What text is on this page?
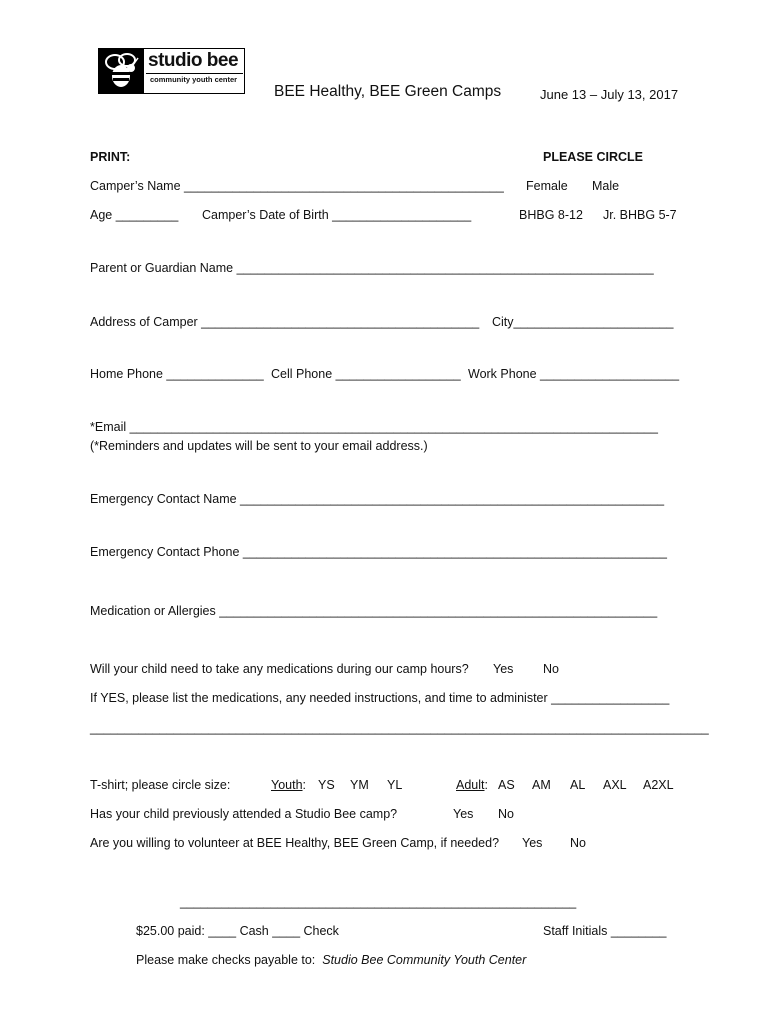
studio bee
community youth center
BEE Healthy, BEE Green Camps	June 13 – July 13, 2017
PRINT:	PLEASE CIRCLE
Camper’s Name ______________________________________________ Female Male
Age _________ Camper’s Date of Birth ____________________	BHBG 8-12 Jr. BHBG 5-7
Parent or Guardian Name ____________________________________________________________
Address of Camper ________________________________________ City_______________________
Home Phone ______________ Cell Phone __________________ Work Phone ____________________
*Email ____________________________________________________________________________
(*Reminders and updates will be sent to your email address.)
Emergency Contact Name _____________________________________________________________
Emergency Contact Phone _____________________________________________________________
Medication or Allergies _______________________________________________________________
Will your child need to take any medications during our camp hours? Yes No
If YES, please list the medications, any needed instructions, and time to administer _________________
_________________________________________________________________________________________
T-shirt; please circle size:	Youth: YS YM YL	Adult: AS AM AL AXL A2XL
Has your child previously attended a Studio Bee camp?	Yes No
Are you willing to volunteer at BEE Healthy, BEE Green Camp, if needed? Yes No
_________________________________________________________
$25.00 paid: ____ Cash ____ Check	Staff Initials ________
Please make checks payable to: Studio Bee Community Youth Center
